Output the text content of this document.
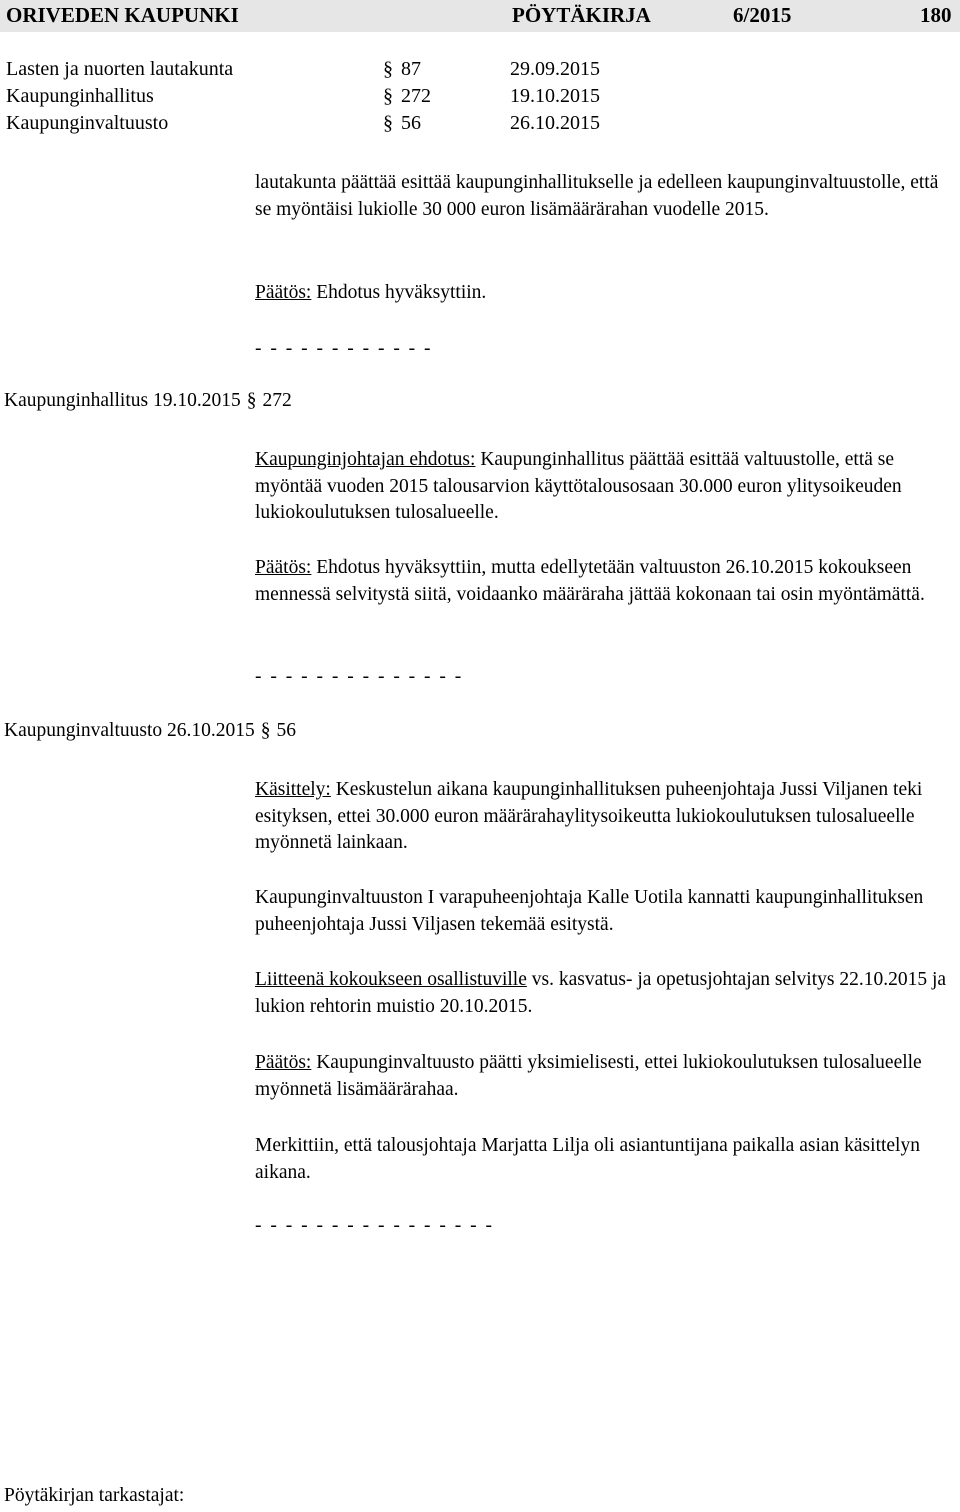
ORIVEDEN KAUPUNKI	PÖYTÄKIRJA	6/2015	180
Lasten ja nuorten lautakunta	§ 87	29.09.2015
Kaupunginhallitus	§ 272	19.10.2015
Kaupunginvaltuusto	§ 56	26.10.2015

lautakunta päättää esittää kaupunginhallitukselle ja edelleen kaupunginvaltuustolle, että se myöntäisi lukiolle 30 000 euron lisämäärärahan vuodelle 2015.

Päätös: Ehdotus hyväksyttiin.

- - - - - - - - - - - -
Kaupunginhallitus 19.10.2015 § 272

Kaupunginjohtajan ehdotus: Kaupunginhallitus päättää esittää valtuustolle, että se myöntää vuoden 2015 talousarvion käyttötalousosaan 30.000 euron ylitysoikeuden lukiokoulutuksen tulosalueelle.

Päätös: Ehdotus hyväksyttiin, mutta edellytetään valtuuston 26.10.2015 kokoukseen mennessä selvitystä siitä, voidaanko määräraha jättää kokonaan tai osin myöntämättä.

- - - - - - - - - - - - - -
Kaupunginvaltuusto 26.10.2015 § 56

Käsittely: Keskustelun aikana kaupunginhallituksen puheenjohtaja Jussi Viljanen teki esityksen, ettei 30.000 euron määrärahaylitysoikeutta lukiokoulutuksen tulosalueelle myönnetä lainkaan.

Kaupunginvaltuuston I varapuheenjohtaja Kalle Uotila kannatti kaupunginhallituksen puheenjohtaja Jussi Viljasen tekemää esitystä.

Liitteenä kokoukseen osallistuville vs. kasvatus- ja opetusjohtajan selvitys 22.10.2015 ja lukion rehtorin muistio 20.10.2015.

Päätös: Kaupunginvaltuusto päätti yksimielisesti, ettei lukiokoulutuksen tulosalueelle myönnetä lisämäärärahaa.

Merkittiin, että talousjohtaja Marjatta Lilja oli asiantuntijana paikalla asian käsittelyn aikana.

- - - - - - - - - - - - - - - -
Pöytäkirjan tarkastajat:
